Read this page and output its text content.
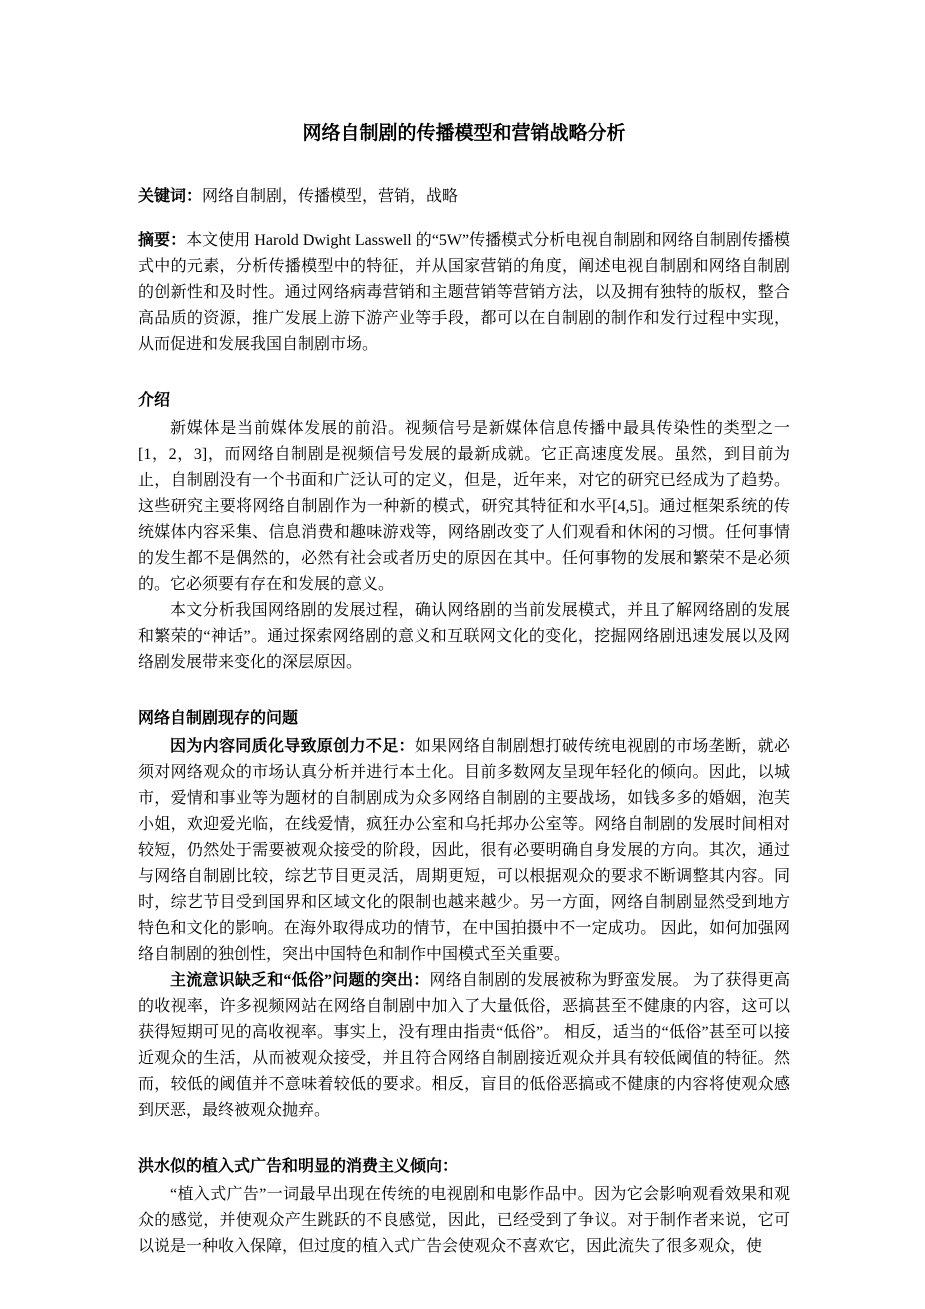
网络自制剧的传播模型和营销战略分析

关键词：网络自制剧，传播模型，营销，战略

摘要：本文使用 Harold Dwight Lasswell 的“5W”传播模式分析电视自制剧和网络自制剧传播模式中的元素，分析传播模型中的特征，并从国家营销的角度，阐述电视自制剧和网络自制剧的创新性和及时性。通过网络病毒营销和主题营销等营销方法，以及拥有独特的版权，整合高品质的资源，推广发展上游下游产业等手段，都可以在自制剧的制作和发行过程中实现，从而促进和发展我国自制剧市场。

介绍

新媒体是当前媒体发展的前沿。视频信号是新媒体信息传播中最具传染性的类型之一[1，2，3]，而网络自制剧是视频信号发展的最新成就。它正高速度发展。虽然，到目前为止，自制剧没有一个书面和广泛认可的定义，但是，近年来，对它的研究已经成为了趋势。这些研究主要将网络自制剧作为一种新的模式，研究其特征和水平[4,5]。通过框架系统的传统媒体内容采集、信息消费和趣味游戏等，网络剧改变了人们观看和休闲的习惯。任何事情的发生都不是偶然的，必然有社会或者历史的原因在其中。任何事物的发展和繁荣不是必须的。它必须要有存在和发展的意义。

本文分析我国网络剧的发展过程，确认网络剧的当前发展模式，并且了解网络剧的发展和繁荣的“神话”。通过探索网络剧的意义和互联网文化的变化，挖掘网络剧迅速发展以及网络剧发展带来变化的深层原因。

网络自制剧现存的问题

因为内容同质化导致原创力不足：如果网络自制剧想打破传统电视剧的市场垄断，就必须对网络观众的市场认真分析并进行本土化。目前多数网友呈现年轻化的倾向。因此，以城市，爱情和事业等为题材的自制剧成为众多网络自制剧的主要战场，如钱多多的婚姻，泡芙小姐，欢迎爱光临，在线爱情，疯狂办公室和乌托邦办公室等。网络自制剧的发展时间相对较短，仍然处于需要被观众接受的阶段，因此，很有必要明确自身发展的方向。其次，通过与网络自制剧比较，综艺节目更灵活，周期更短，可以根据观众的要求不断调整其内容。同时，综艺节目受到国界和区域文化的限制也越来越少。另一方面，网络自制剧显然受到地方特色和文化的影响。在海外取得成功的情节，在中国拍摄中不一定成功。 因此，如何加强网络自制剧的独创性，突出中国特色和制作中国模式至关重要。

主流意识缺乏和“低俗”问题的突出：网络自制剧的发展被称为野蛮发展。 为了获得更高的收视率，许多视频网站在网络自制剧中加入了大量低俗，恶搞甚至不健康的内容，这可以获得短期可见的高收视率。事实上，没有理由指责“低俗”。 相反，适当的“低俗”甚至可以接近观众的生活，从而被观众接受，并且符合网络自制剧接近观众并具有较低阈值的特征。然而，较低的阈值并不意味着较低的要求。相反，盲目的低俗恶搞或不健康的内容将使观众感到厌恶，最终被观众抛弃。

洪水似的植入式广告和明显的消费主义倾向：

“植入式广告”一词最早出现在传统的电视剧和电影作品中。因为它会影响观看效果和观众的感觉，并使观众产生跳跃的不良感觉，因此，已经受到了争议。对于制作者来说，它可以说是一种收入保障，但过度的植入式广告会使观众不喜欢它，因此流失了很多观众，使
